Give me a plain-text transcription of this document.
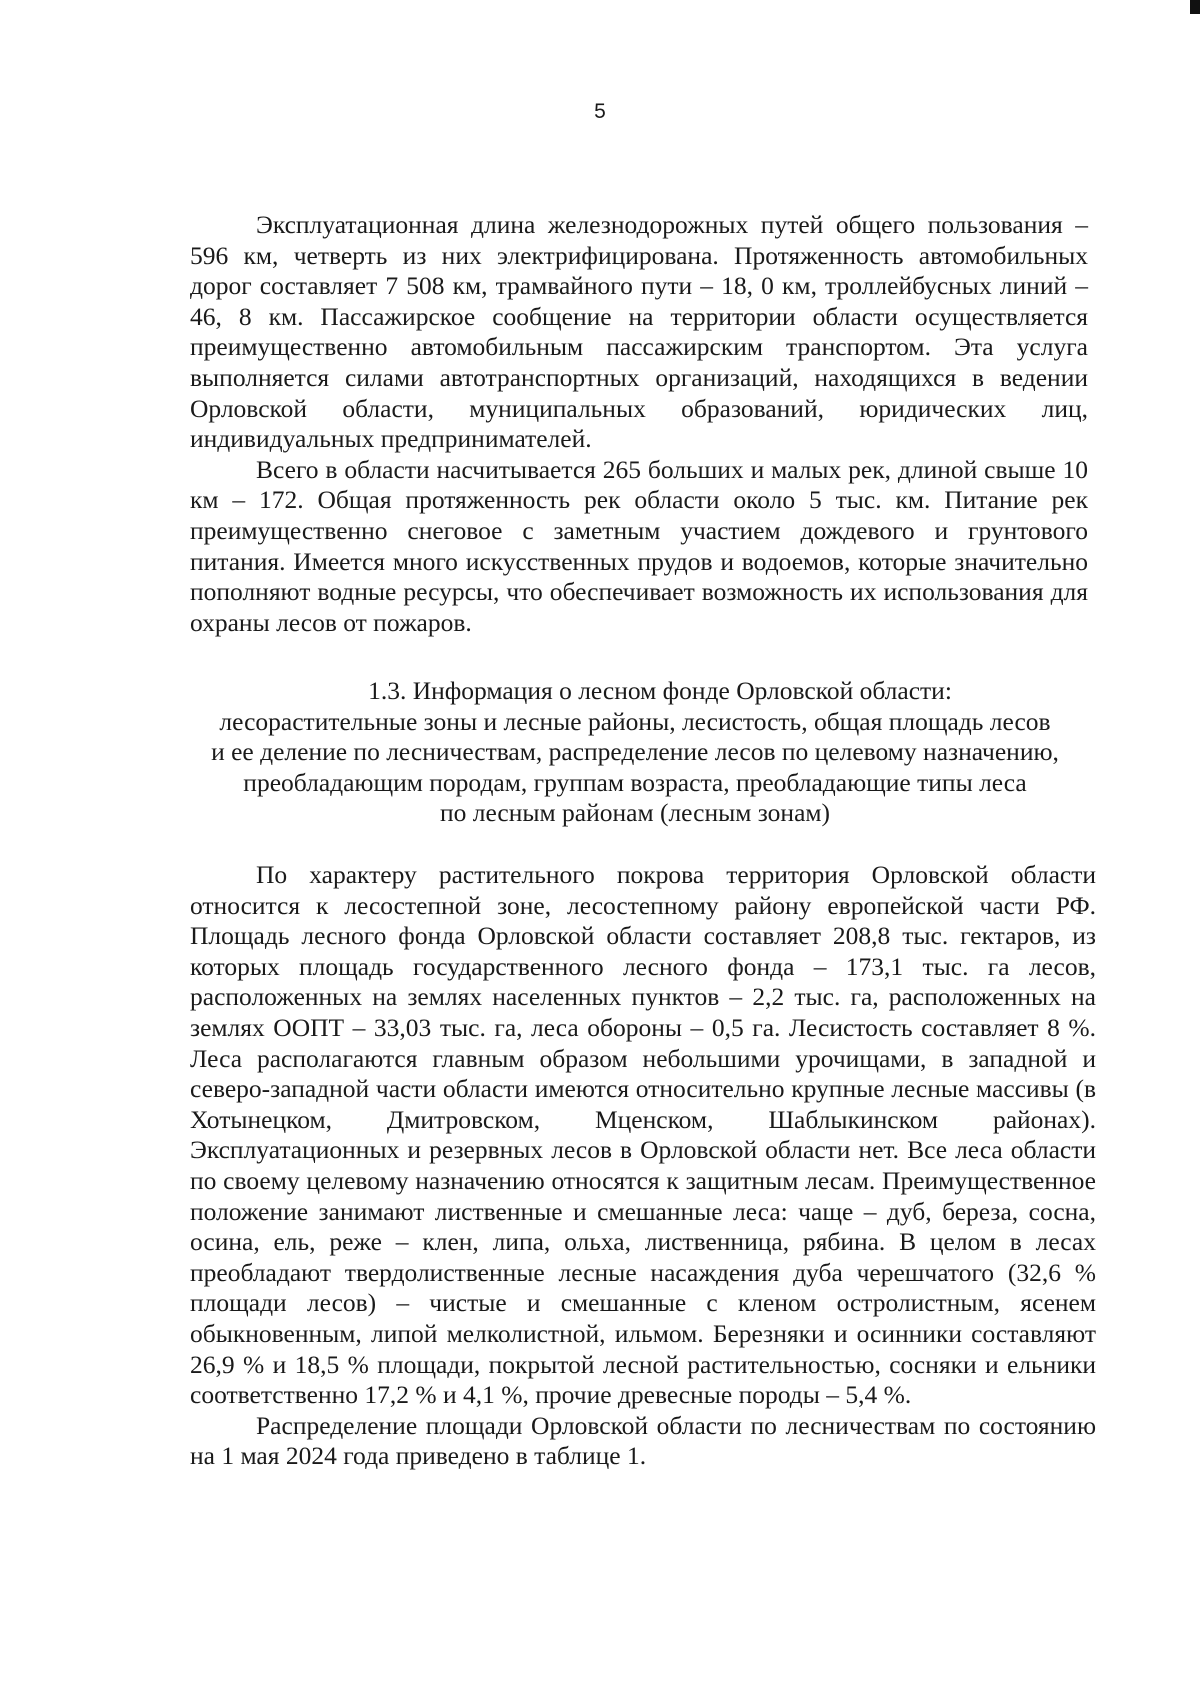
5

Эксплуатационная длина железнодорожных путей общего пользования – 596 км, четверть из них электрифицирована. Протяженность автомобильных дорог составляет 7 508 км, трамвайного пути – 18, 0 км, троллейбусных линий – 46, 8 км. Пассажирское сообщение на территории области осуществляется преимущественно автомобильным пассажирским транспортом. Эта услуга выполняется силами автотранспортных организаций, находящихся в ведении Орловской области, муниципальных образований, юридических лиц, индивидуальных предпринимателей.

Всего в области насчитывается 265 больших и малых рек, длиной свыше 10 км – 172. Общая протяженность рек области около 5 тыс. км. Питание рек преимущественно снеговое с заметным участием дождевого и грунтового питания. Имеется много искусственных прудов и водоемов, которые значительно пополняют водные ресурсы, что обеспечивает возможность их использования для охраны лесов от пожаров.

1.3. Информация о лесном фонде Орловской области:
лесорастительные зоны и лесные районы, лесистость, общая площадь лесов
и ее деление по лесничествам, распределение лесов по целевому назначению,
преобладающим породам, группам возраста, преобладающие типы леса
по лесным районам (лесным зонам)

По характеру растительного покрова территория Орловской области относится к лесостепной зоне, лесостепному району европейской части РФ. Площадь лесного фонда Орловской области составляет 208,8 тыс. гектаров, из которых площадь государственного лесного фонда – 173,1 тыс. га лесов, расположенных на землях населенных пунктов – 2,2 тыс. га, расположенных на землях ООПТ – 33,03 тыс. га, леса обороны – 0,5 га. Лесистость составляет 8 %. Леса располагаются главным образом небольшими урочищами, в западной и северо-западной части области имеются относительно крупные лесные массивы (в Хотынецком, Дмитровском, Мценском, Шаблыкинском районах). Эксплуатационных и резервных лесов в Орловской области нет. Все леса области по своему целевому назначению относятся к защитным лесам. Преимущественное положение занимают лиственные и смешанные леса: чаще – дуб, береза, сосна, осина, ель, реже – клен, липа, ольха, лиственница, рябина. В целом в лесах преобладают твердолиственные лесные насаждения дуба черешчатого (32,6 % площади лесов) – чистые и смешанные с кленом остролистным, ясенем обыкновенным, липой мелколистной, ильмом. Березняки и осинники составляют 26,9 % и 18,5 % площади, покрытой лесной растительностью, сосняки и ельники соответственно 17,2 % и 4,1 %, прочие древесные породы – 5,4 %.

Распределение площади Орловской области по лесничествам по состоянию на 1 мая 2024 года приведено в таблице 1.
